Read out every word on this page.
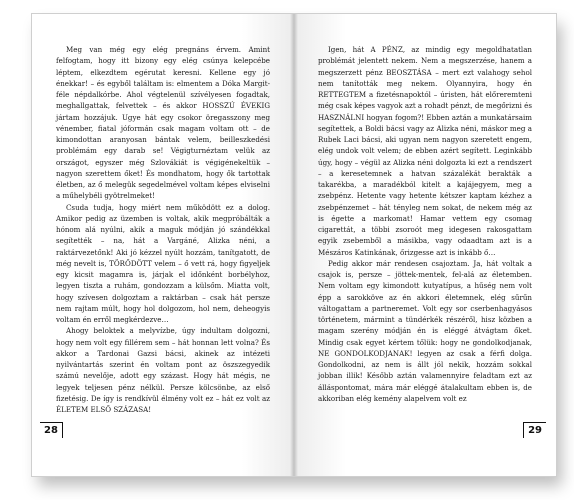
Meg van még egy elég pregnáns érvem. Amint felfogtam, hogy itt bizony egy elég csúnya kelepcébe léptem, elkezdtem egérutat keresni. Kellene egy jó énekkar! – és egyből találtam is: elmentem a Dóka Margit-féle népdalkórbe. Ahol végtelenül szívélyesen fogadtak, meghallgattak, felvettek – és akkor HOSSZÚ ÉVEKIG jártam hozzájuk. Ugye hát egy csokor öregasszony meg vénember, fiatal jóformán csak magam voltam ott – de kimondottan aranyosan bántak velem, beilleszkedési problémám egy darab se! Végigturnéztam velük az országot, egyszer még Szlovákiát is végigénekeltük – nagyon szerettem őket! És mondhatom, hogy ők tartottak életben, az ő melegük segedelmével voltam képes elviselni a műhelybéli gyötrelmeket!

Csuda tudja, hogy miért nem működött ez a dolog. Amikor pedig az üzemben is voltak, akik megpróbálták a hónom alá nyúlni, akik a maguk módján jó szándékkal segítették – na, hát a Vargáné, Alizka néni, a raktárvezetőnk! Aki jó kézzel nyúlt hozzám, tanítgatott, de még nevelt is, TÖRŐDÖTT velem – ő vett rá, hogy figyeljek egy kicsit magamra is, járjak el időnként borbélyhoz, legyen tiszta a ruhám, gondozzam a külsőm. Miatta volt, hogy szívesen dolgoztam a raktárban – csak hát persze nem rajtam múlt, hogy hol dolgozom, hol nem, deheogyis voltam én erről megkérdezve…

Ahogy beloktek a melyvízbe, úgy indultam dolgozni, hogy nem volt egy fillérem sem – hát honnan lett volna? És akkor a Tardonai Gazsi bácsi, akinek az intézeti nyilvántartás szerint én voltam pont az öszszegyedik számú nevelője, adott egy százast. Hogy hát mégis, ne legyek teljesen pénz nélkül. Persze kölcsönbe, az első fizetésig. De így is rendkívül élmény volt ez – hát ez volt az ÉLETEM ELSŐ SZÁZASA!

28

Igen, hát A PÉNZ, az mindig egy megoldhatatlan problémát jelentett nekem. Nem a megszerzése, hanem a megszerzett pénz BEOSZTÁSA – mert ezt valahogy sehol nem tanították meg nekem. Olyannyira, hogy én RETTEGTEM a fizetésnapoktól – úristen, hát előreremteni még csak képes vagyok azt a rohadt pénzt, de megőrizni és HASZNÁLNI hogyan fogom?! Ebben aztán a munkatársaim segítettek, a Boldi bácsi vagy az Alizka néni, máskor meg a Rubek Laci bácsi, aki ugyan nem nagyon szeretett engem, elég undok volt velem; de ebben azért segített. Leginkább úgy, hogy – végül az Alizka néni dolgozta ki ezt a rendszert – a keresetemnek a hatvan százalékát berakták a takarékba, a maradékból kitelt a kajájegyem, meg a zsebpénz. Hetente vagy hetente kétszer kaptam kézhez a zsebpénzemet – hát tényleg nem sokat, de nekem még az is égette a markomat! Hamar vettem egy csomag cigarettát, a többi zsoroót meg idegesen rakosgattam egyik zsebemből a másikba, vagy odaadtam azt is a Mészáros Katinkának, őrizgesse azt is inkább ő…

Pedig akkor már rendesen csajoztam. Ja, hát voltak a csajok is, persze – jöttek-mentek, fel-alá az életemben. Nem voltam egy kimondott kutyatípus, a hűség nem volt épp a sarokköve az én akkori életemnek, elég sűrűn váltogattam a partneremet. Volt egy sor cserbenhagyásos történetem, mármint a tündérkék részéről, hisz közben a magam szerény módján én is eléggé átvágtam őket. Mindig csak egyet kértem tőlük: hogy ne gondolkodjanak, NE GONDOLKODJANAK! legyen az csak a férfi dolga. Gondolkodni, az nem is állt jól nekik, hozzám sokkal jobban illik! Később aztán valamennyire feladtam ezt az álláspontomat, mára már eléggé átalakultam ebben is, de akkoriban elég kemény alapelvem volt ez

29
